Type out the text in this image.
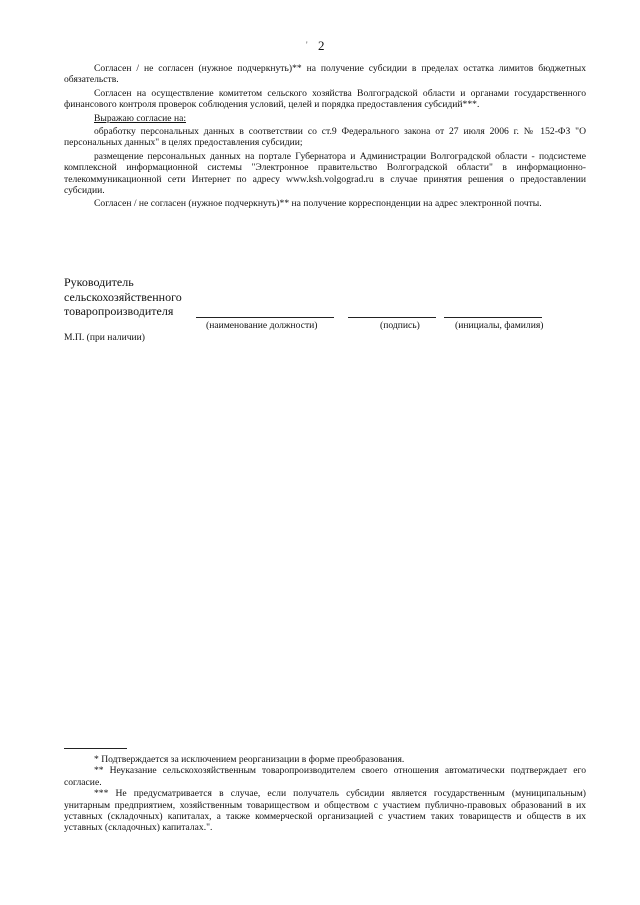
' 2

Согласен / не согласен (нужное подчеркнуть)** на получение субсидии в пределах остатка лимитов бюджетных обязательств.

Согласен на осуществление комитетом сельского хозяйства Волгоградской области и органами государственного финансового контроля проверок соблюдения условий, целей и порядка предоставления субсидий***.

Выражаю согласие на:

обработку персональных данных в соответствии со ст.9 Федерального закона от 27 июля 2006 г. № 152-ФЗ "О персональных данных" в целях предоставления субсидии;

размещение персональных данных на портале Губернатора и Администрации Волгоградской области - подсистеме комплексной информационной системы "Электронное правительство Волгоградской области" в информационно-телекоммуникационной сети Интернет по адресу www.ksh.volgograd.ru в случае принятия решения о предоставлении субсидии.

Согласен / не согласен (нужное подчеркнуть)** на получение корреспонденции на адрес электронной почты.

Руководитель
сельскохозяйственного
товаропроизводителя
(наименование должности)	(подпись)	(инициалы, фамилия)
М.П. (при наличии)

* Подтверждается за исключением реорганизации в форме преобразования.

** Неуказание сельскохозяйственным товаропроизводителем своего отношения автоматически подтверждает его согласие.

*** Не предусматривается в случае, если получатель субсидии является государственным (муниципальным) унитарным предприятием, хозяйственным товариществом и обществом с участием публично-правовых образований в их уставных (складочных) капиталах, а также коммерческой организацией с участием таких товариществ и обществ в их уставных (складочных) капиталах.".
